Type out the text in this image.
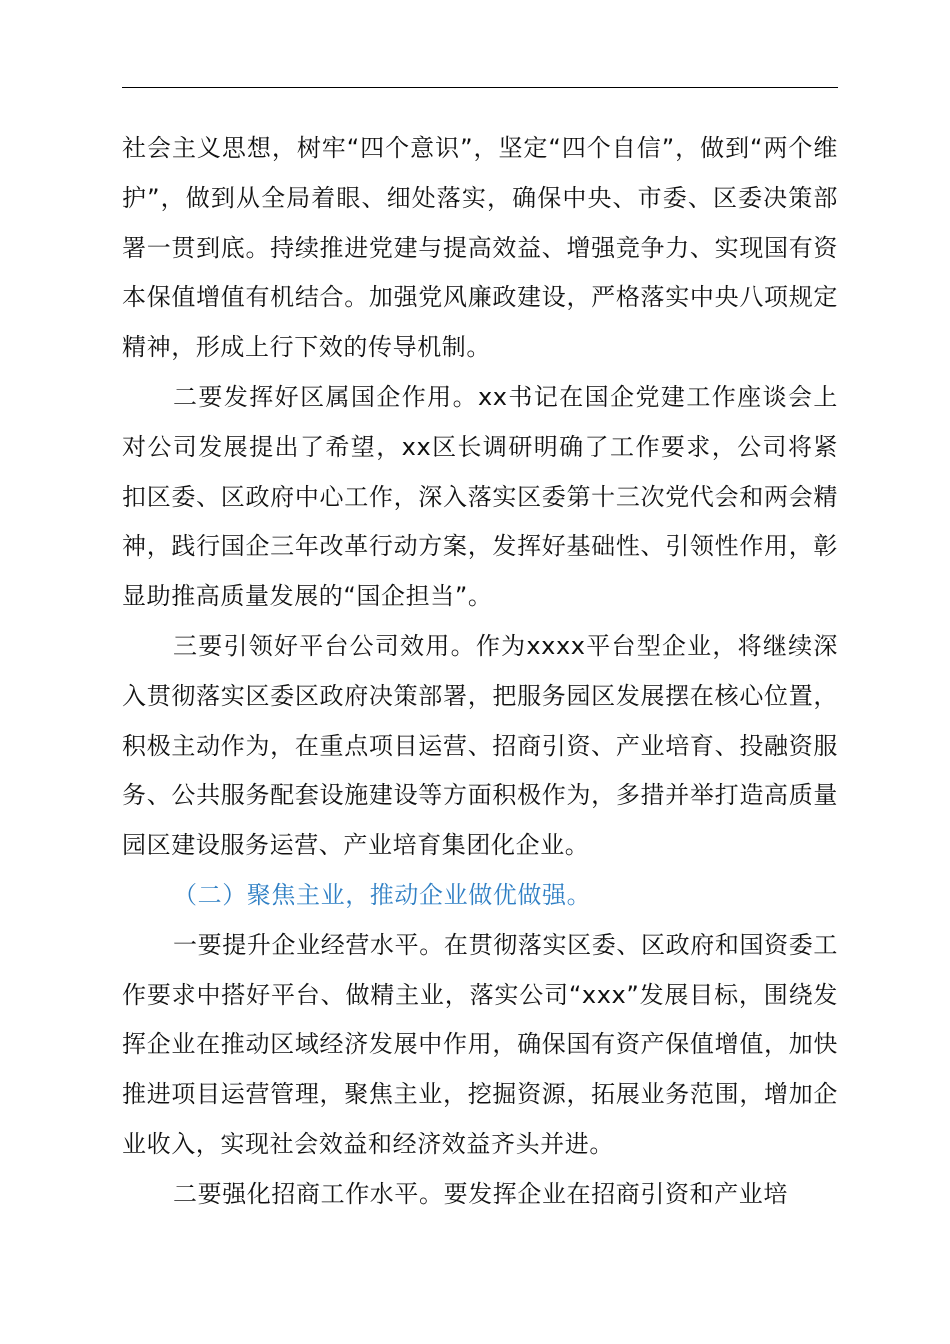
社会主义思想，树牢“四个意识”，坚定“四个自信”，做到“两个维护”，做到从全局着眼、细处落实，确保中央、市委、区委决策部署一贯到底。持续推进党建与提高效益、增强竞争力、实现国有资本保值增值有机结合。加强党风廉政建设，严格落实中央八项规定精神，形成上行下效的传导机制。

二要发挥好区属国企作用。xx书记在国企党建工作座谈会上对公司发展提出了希望，xx区长调研明确了工作要求，公司将紧扣区委、区政府中心工作，深入落实区委第十三次党代会和两会精神，践行国企三年改革行动方案，发挥好基础性、引领性作用，彰显助推高质量发展的“国企担当”。

三要引领好平台公司效用。作为xxxx平台型企业，将继续深入贯彻落实区委区政府决策部署，把服务园区发展摆在核心位置，积极主动作为，在重点项目运营、招商引资、产业培育、投融资服务、公共服务配套设施建设等方面积极作为，多措并举打造高质量园区建设服务运营、产业培育集团化企业。

（二）聚焦主业，推动企业做优做强。

一要提升企业经营水平。在贯彻落实区委、区政府和国资委工作要求中搭好平台、做精主业，落实公司“xxx”发展目标，围绕发挥企业在推动区域经济发展中作用，确保国有资产保值增值，加快推进项目运营管理，聚焦主业，挖掘资源，拓展业务范围，增加企业收入，实现社会效益和经济效益齐头并进。

二要强化招商工作水平。要发挥企业在招商引资和产业培
